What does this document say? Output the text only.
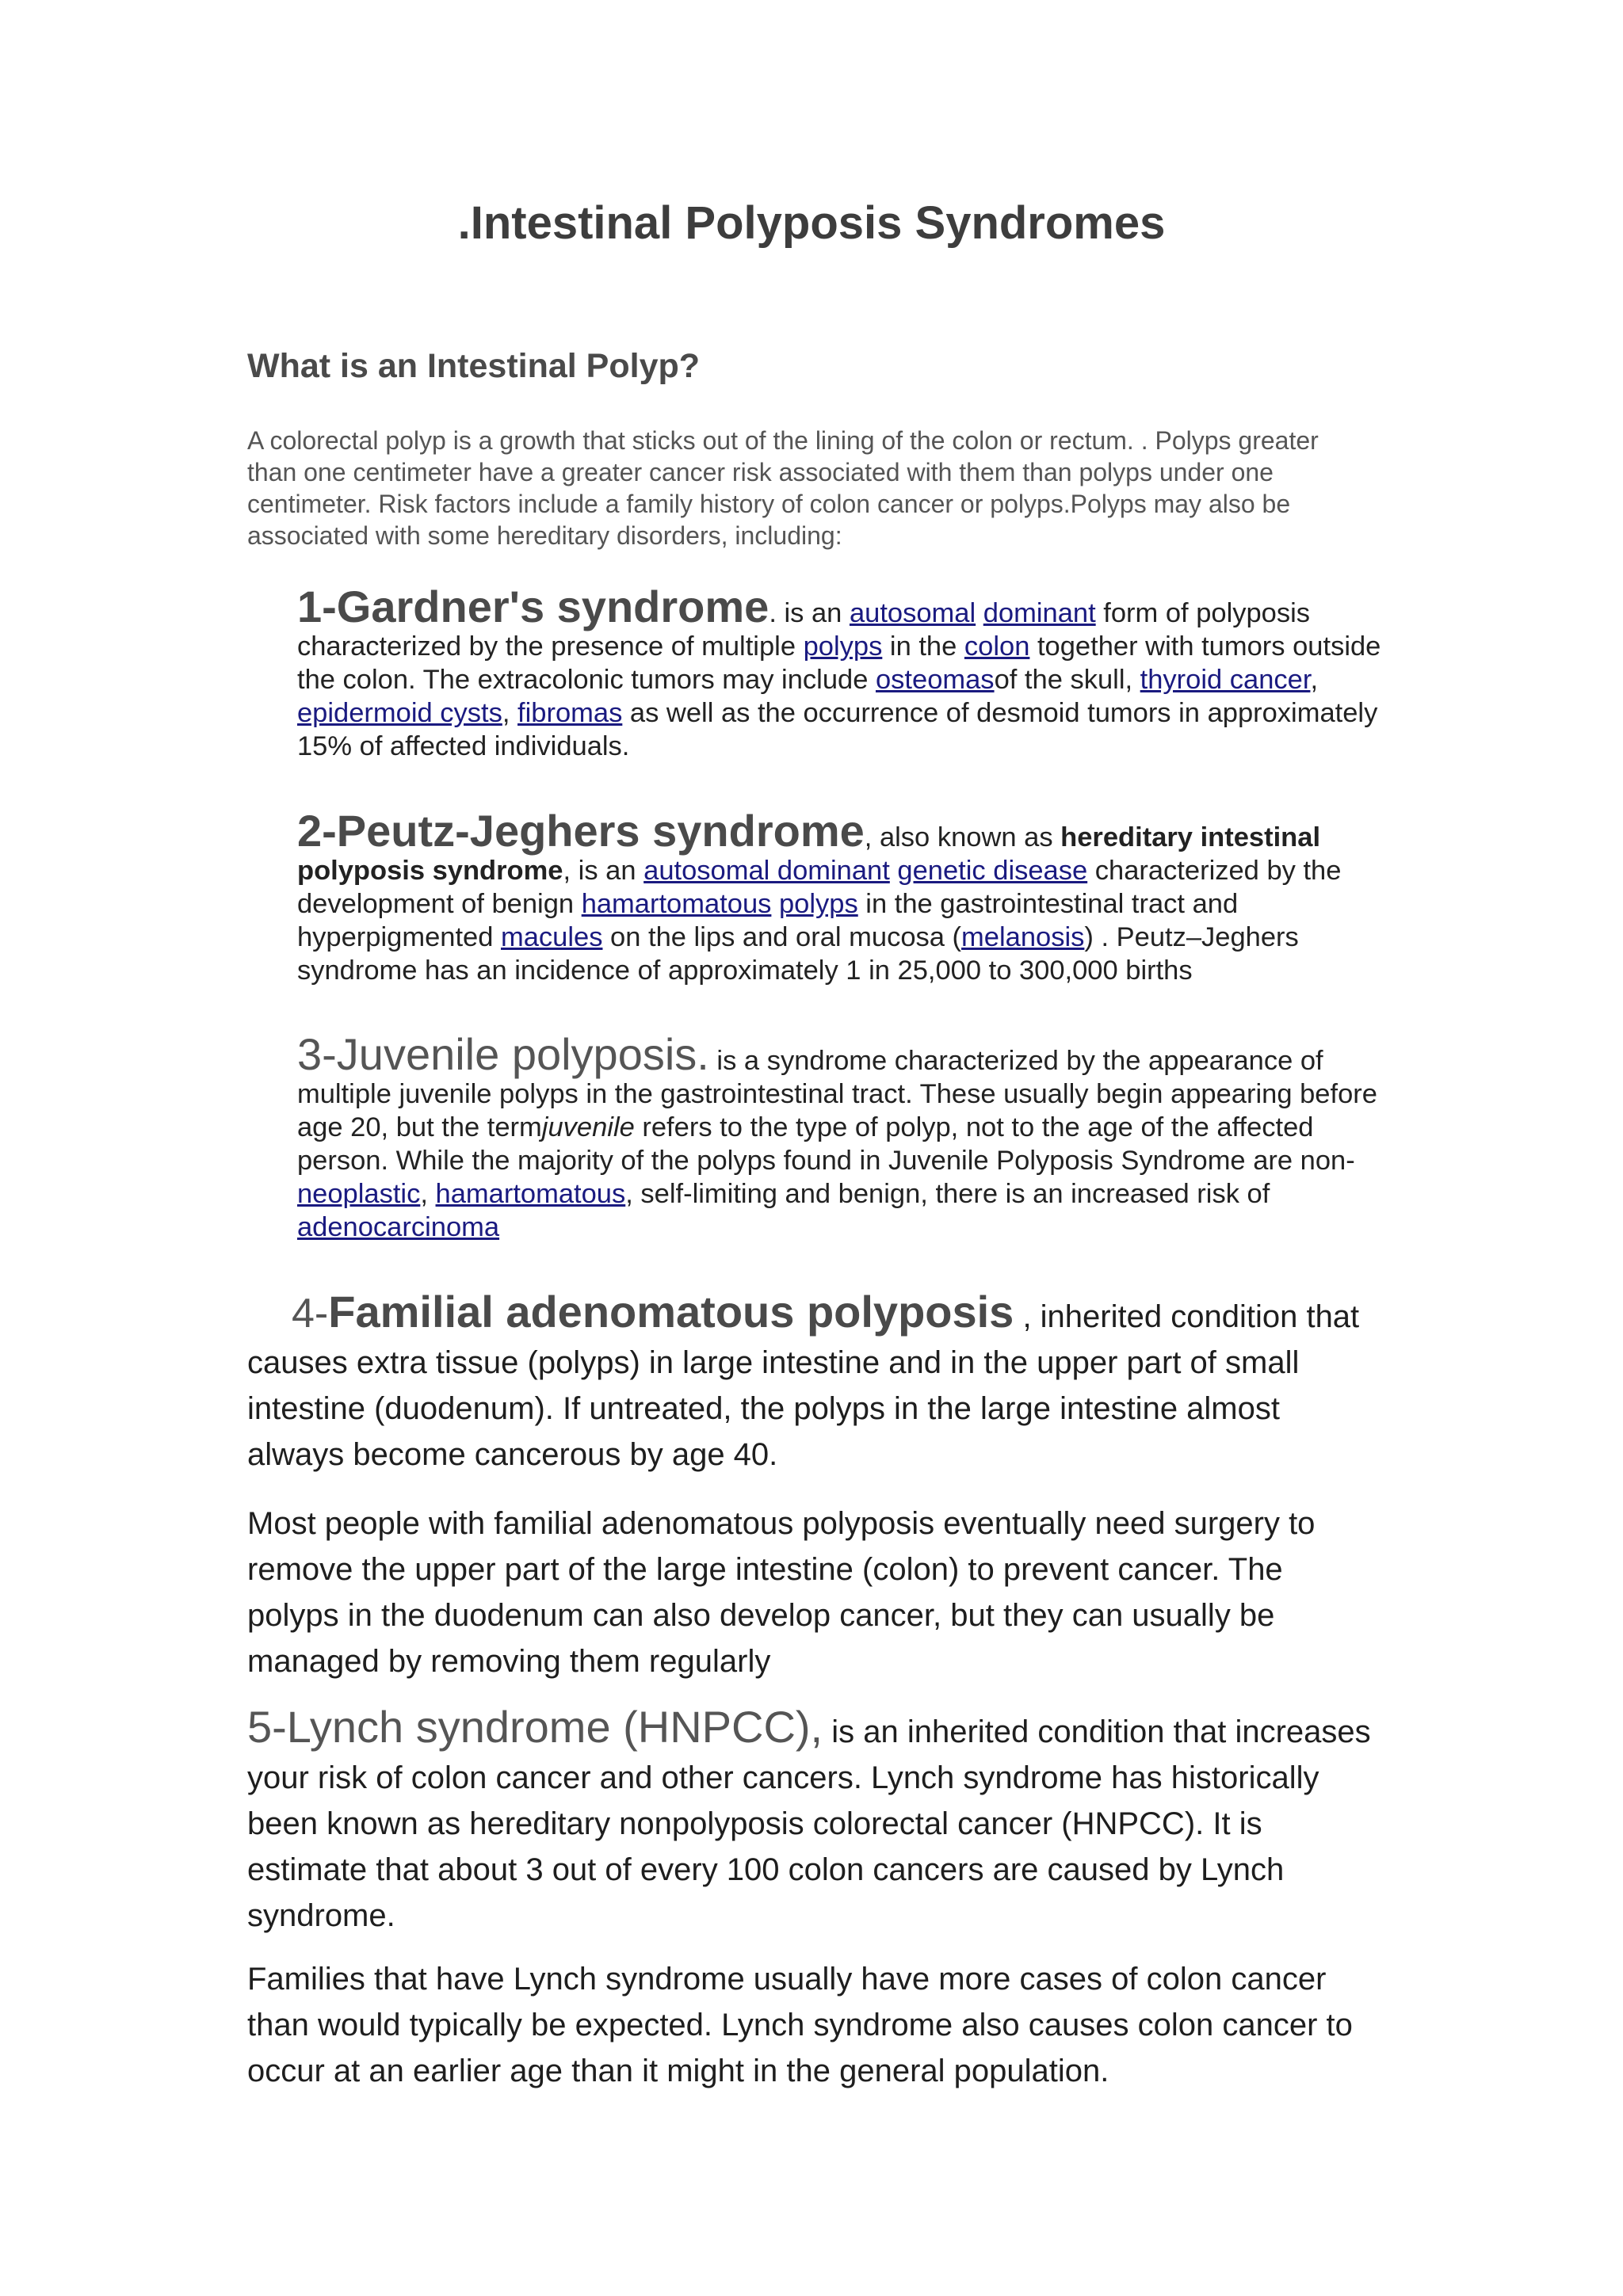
.Intestinal Polyposis Syndromes
What is an Intestinal Polyp?
A colorectal polyp is a growth that sticks out of the lining of the colon or rectum. . Polyps greater than one centimeter have a greater cancer risk associated with them than polyps under one centimeter. Risk factors include a family history of colon cancer or polyps.Polyps may also be associated with some hereditary disorders, including:
1-Gardner's syndrome. is an autosomal dominant form of polyposis characterized by the presence of multiple polyps in the colon together with tumors outside the colon. The extracolonic tumors may include osteomasof the skull, thyroid cancer, epidermoid cysts, fibromas as well as the occurrence of desmoid tumors in approximately 15% of affected individuals.
2-Peutz-Jeghers syndrome, also known as hereditary intestinal polyposis syndrome, is an autosomal dominant genetic disease characterized by the development of benign hamartomatous polyps in the gastrointestinal tract and hyperpigmented macules on the lips and oral mucosa (melanosis) . Peutz–Jeghers syndrome has an incidence of approximately 1 in 25,000 to 300,000 births
3-Juvenile polyposis. is a syndrome characterized by the appearance of multiple juvenile polyps in the gastrointestinal tract. These usually begin appearing before age 20, but the termjuvenile refers to the type of polyp, not to the age of the affected person. While the majority of the polyps found in Juvenile Polyposis Syndrome are non-neoplastic, hamartomatous, self-limiting and benign, there is an increased risk of adenocarcinoma
4-Familial adenomatous polyposis , inherited condition that causes extra tissue (polyps) in large intestine and in the upper part of small intestine (duodenum). If untreated, the polyps in the large intestine almost always become cancerous by age 40.
Most people with familial adenomatous polyposis eventually need surgery to remove the upper part of the large intestine (colon) to prevent cancer. The polyps in the duodenum can also develop cancer, but they can usually be managed by removing them regularly
5-Lynch syndrome (HNPCC), is an inherited condition that increases your risk of colon cancer and other cancers. Lynch syndrome has historically been known as hereditary nonpolyposis colorectal cancer (HNPCC). It is estimate that about 3 out of every 100 colon cancers are caused by Lynch syndrome.
Families that have Lynch syndrome usually have more cases of colon cancer than would typically be expected. Lynch syndrome also causes colon cancer to occur at an earlier age than it might in the general population.
